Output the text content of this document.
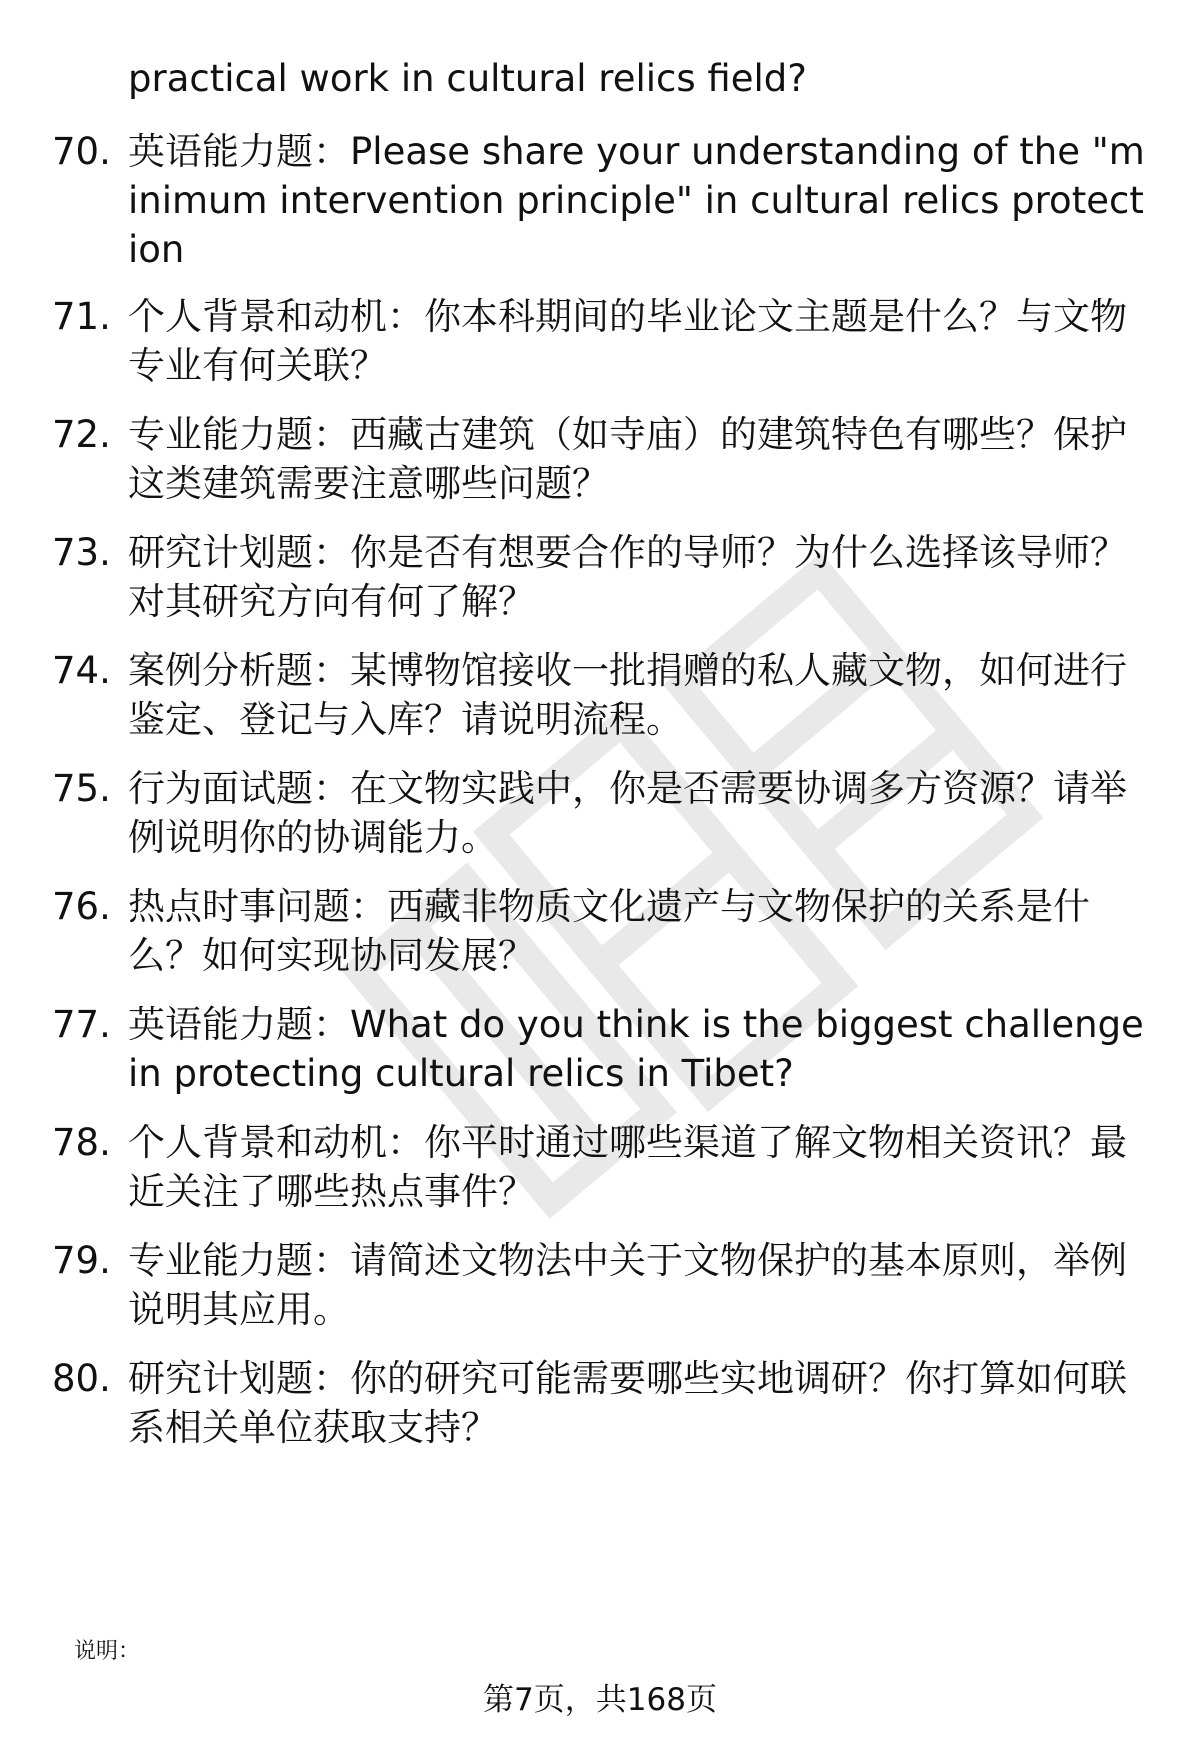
practical work in cultural relics field?
70. 英语能力题：Please share your understanding of the "minimum intervention principle" in cultural relics protection
71. 个人背景和动机：你本科期间的毕业论文主题是什么？与文物专业有何关联？
72. 专业能力题：西藏古建筑（如寺庙）的建筑特色有哪些？保护这类建筑需要注意哪些问题？
73. 研究计划题：你是否有想要合作的导师？为什么选择该导师？对其研究方向有何了解？
74. 案例分析题：某博物馆接收一批捐赠的私人藏文物，如何进行鉴定、登记与入库？请说明流程。
75. 行为面试题：在文物实践中，你是否需要协调多方资源？请举例说明你的协调能力。
76. 热点时事问题：西藏非物质文化遗产与文物保护的关系是什么？如何实现协同发展？
77. 英语能力题：What do you think is the biggest challenge in protecting cultural relics in Tibet?
78. 个人背景和动机：你平时通过哪些渠道了解文物相关资讯？最近关注了哪些热点事件？
79. 专业能力题：请简述文物法中关于文物保护的基本原则，举例说明其应用。
80. 研究计划题：你的研究可能需要哪些实地调研？你打算如何联系相关单位获取支持？
说明：
第7页，共168页
